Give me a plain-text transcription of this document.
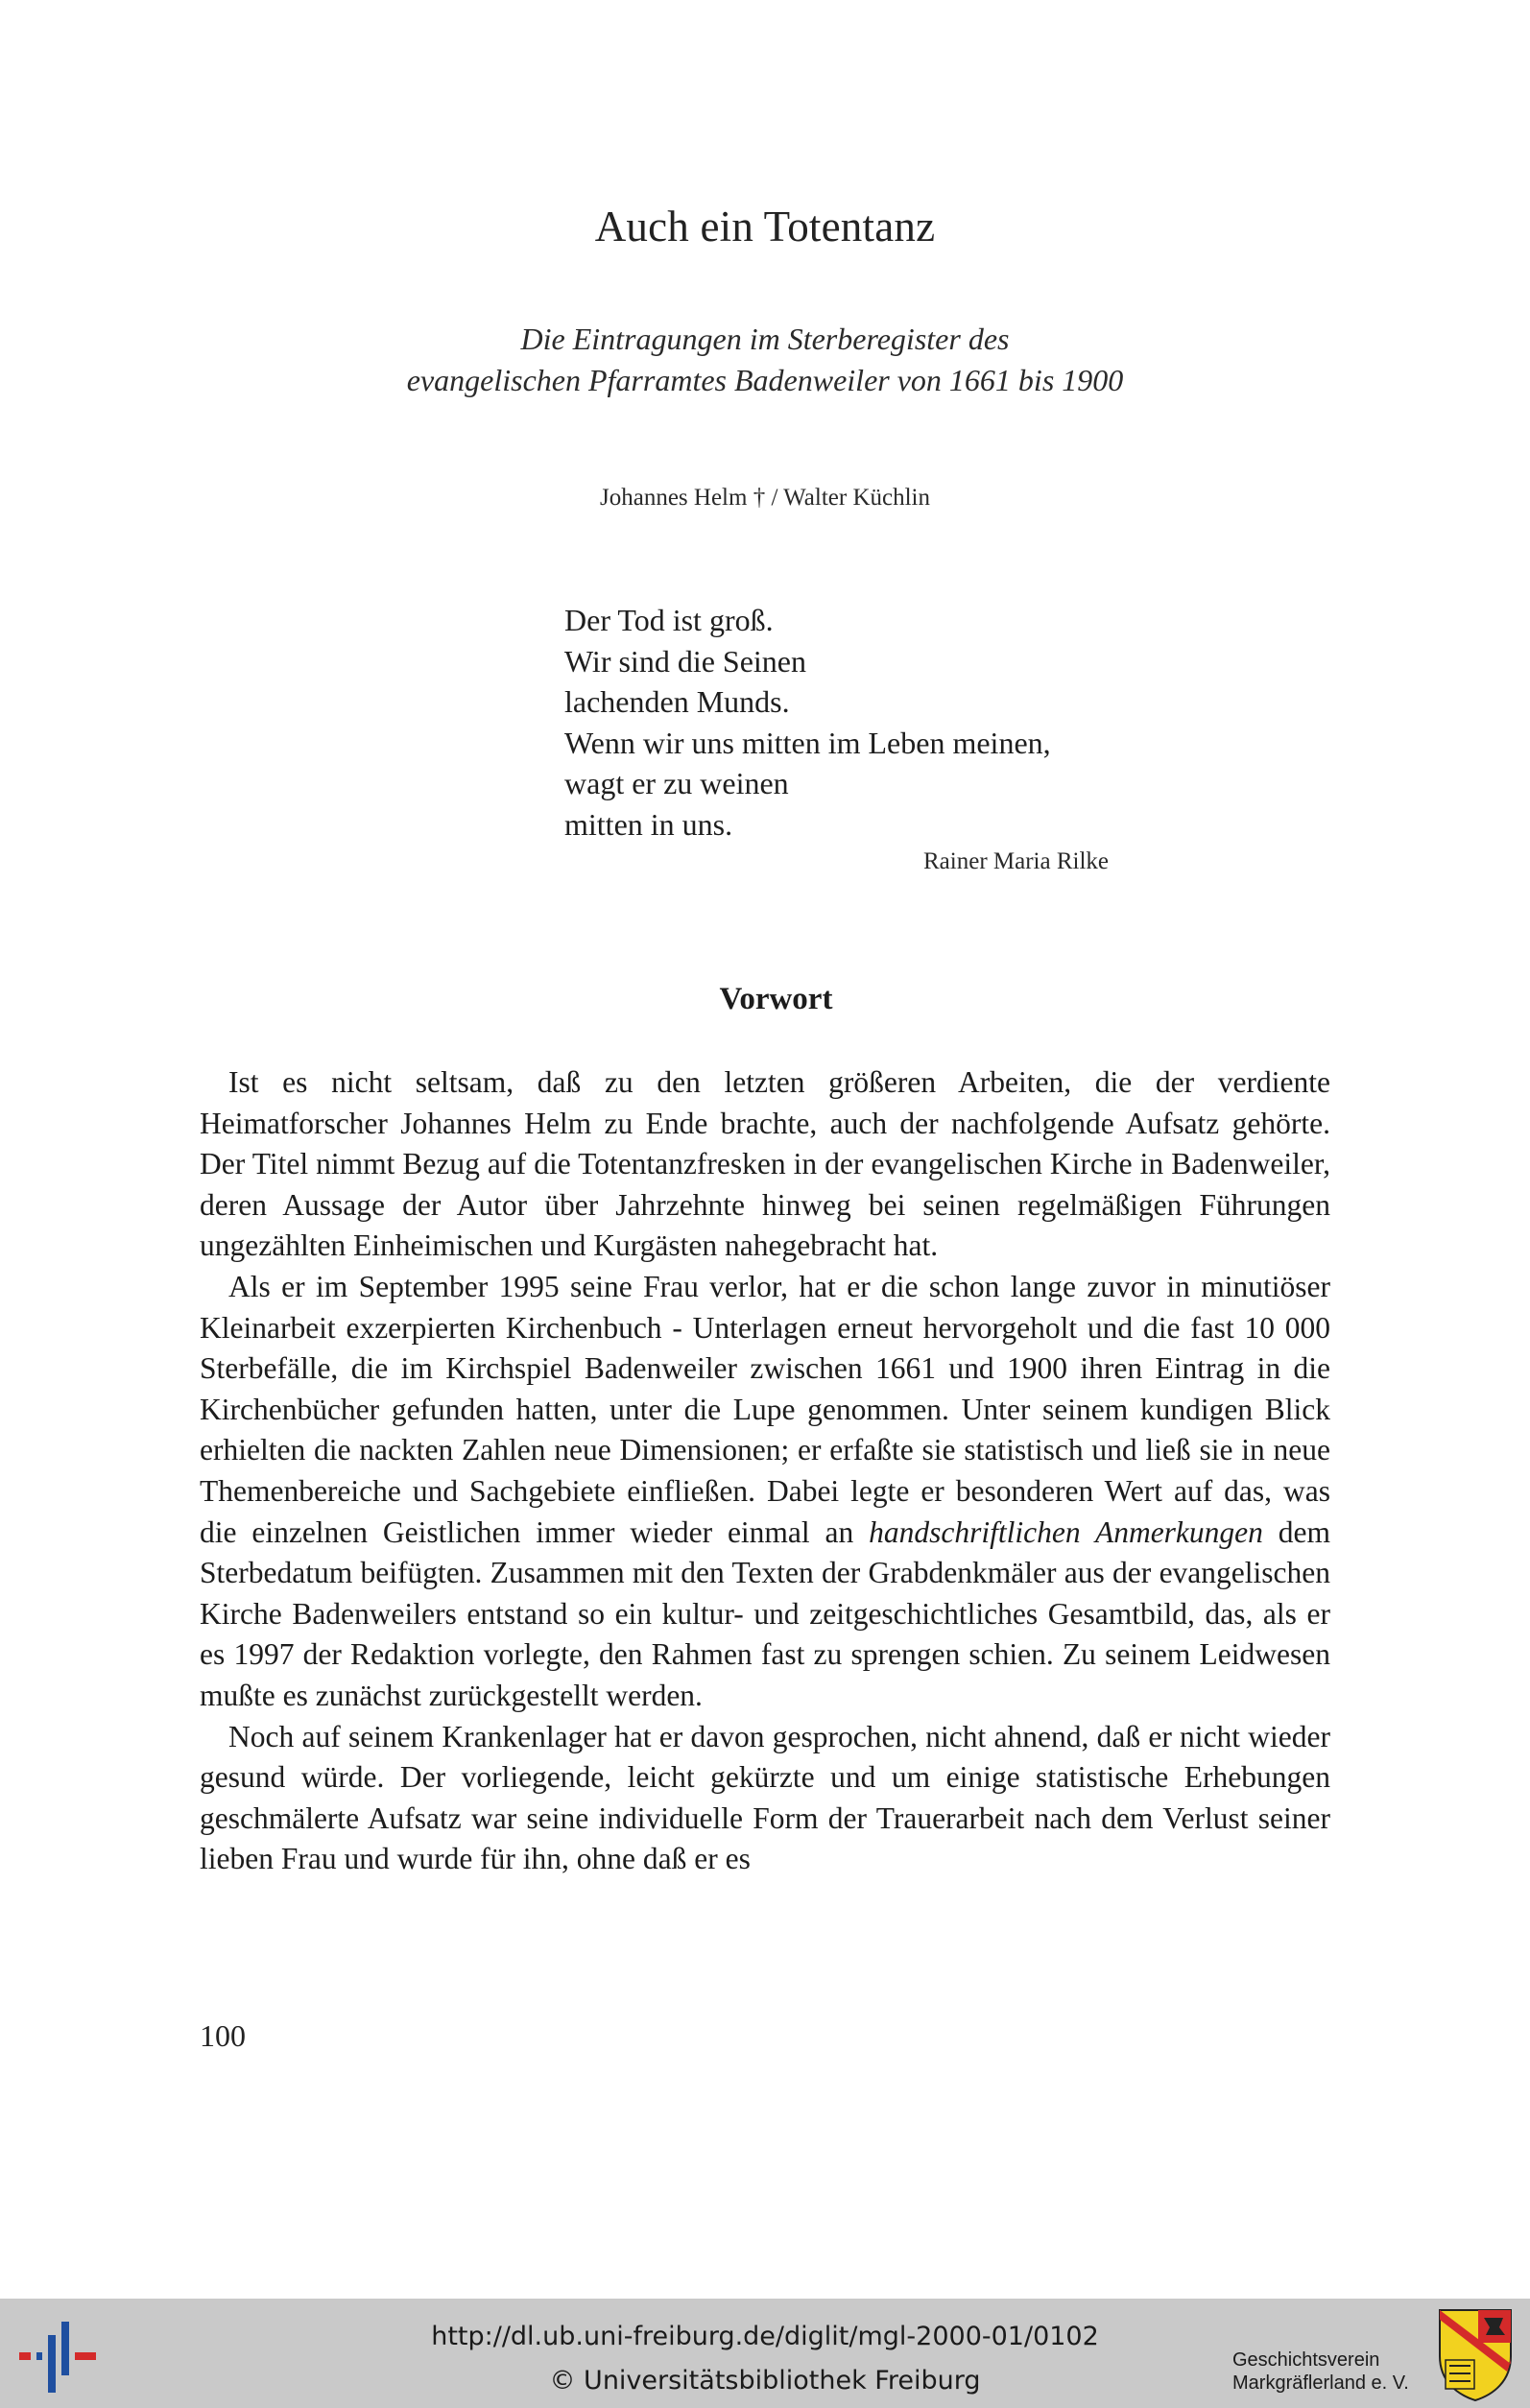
Auch ein Totentanz
Die Eintragungen im Sterberegister des
evangelischen Pfarramtes Badenweiler von 1661 bis 1900
Johannes Helm † / Walter Küchlin
Der Tod ist groß.
Wir sind die Seinen
lachenden Munds.
Wenn wir uns mitten im Leben meinen,
wagt er zu weinen
mitten in uns.
Rainer Maria Rilke
Vorwort

Ist es nicht seltsam, daß zu den letzten größeren Arbeiten, die der verdiente Heimatforscher Johannes Helm zu Ende brachte, auch der nachfolgende Aufsatz gehörte. Der Titel nimmt Bezug auf die Totentanzfresken in der evangelischen Kirche in Badenweiler, deren Aussage der Autor über Jahrzehnte hinweg bei seinen regelmäßigen Führungen ungezählten Einheimischen und Kurgästen nahegebracht hat.

Als er im September 1995 seine Frau verlor, hat er die schon lange zuvor in minutiöser Kleinarbeit exzerpierten Kirchenbuch - Unterlagen erneut hervorgeholt und die fast 10 000 Sterbefälle, die im Kirchspiel Badenweiler zwischen 1661 und 1900 ihren Eintrag in die Kirchenbücher gefunden hatten, unter die Lupe genommen. Unter seinem kundigen Blick erhielten die nackten Zahlen neue Dimensionen; er erfaßte sie statistisch und ließ sie in neue Themenbereiche und Sachgebiete einfließen. Dabei legte er besonderen Wert auf das, was die einzelnen Geistlichen immer wieder einmal an handschriftlichen Anmerkungen dem Sterbedatum beifügten. Zusammen mit den Texten der Grabdenkmäler aus der evangelischen Kirche Badenweilers entstand so ein kultur- und zeitgeschichtliches Gesamtbild, das, als er es 1997 der Redaktion vorlegte, den Rahmen fast zu sprengen schien. Zu seinem Leidwesen mußte es zunächst zurückgestellt werden.

Noch auf seinem Krankenlager hat er davon gesprochen, nicht ahnend, daß er nicht wieder gesund würde. Der vorliegende, leicht gekürzte und um einige statistische Erhebungen geschmälerte Aufsatz war seine individuelle Form der Trauerarbeit nach dem Verlust seiner lieben Frau und wurde für ihn, ohne daß er es

100
http://dl.ub.uni-freiburg.de/diglit/mgl-2000-01/0102
© Universitätsbibliothek Freiburg
Geschichtsverein
Markgräflerland e. V.
